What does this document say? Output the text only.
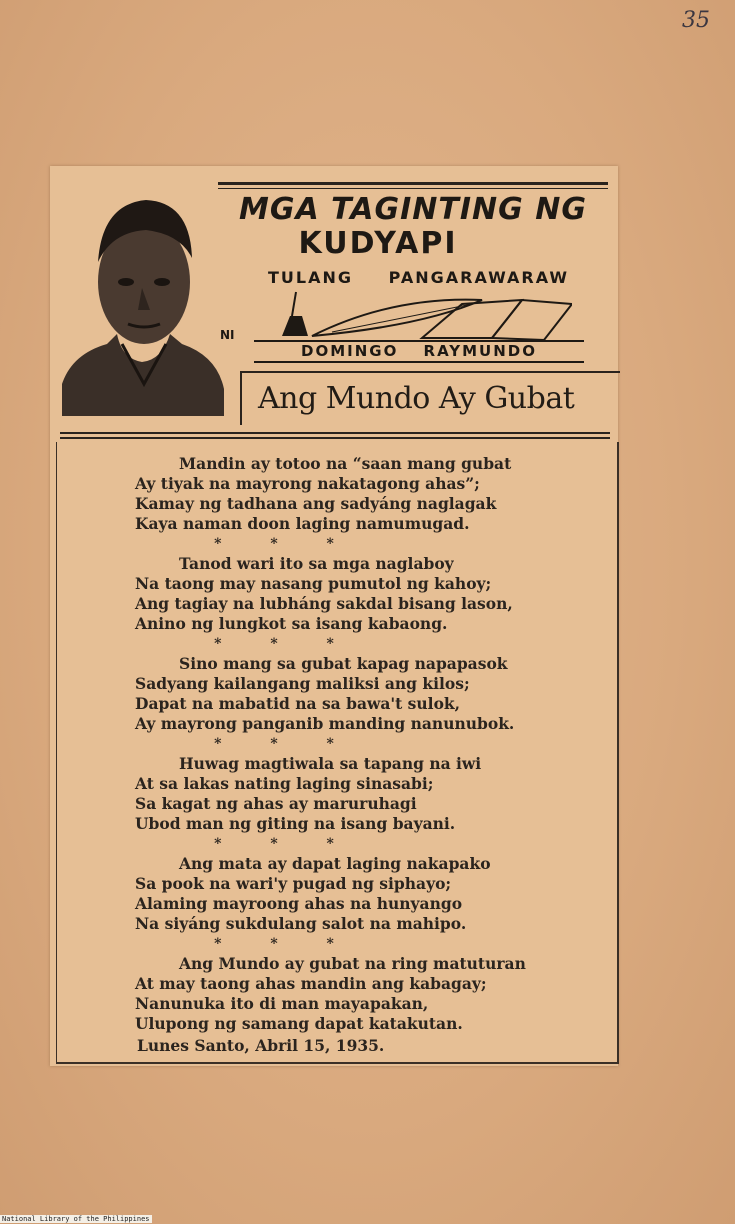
35
MGA TAGINTING NG
KUDYAPI
TULANG PANGARAWARAW
NI
DOMINGO RAYMUNDO
Ang Mundo Ay Gubat
Mandin ay totoo na “saan mang gubat
Ay tiyak na mayrong nakatagong ahas”;
Kamay ng tadhana ang sadyáng naglagak
Kaya naman doon laging namumugad.
* * *
Tanod wari ito sa mga naglaboy
Na taong may nasang pumutol ng kahoy;
Ang tagiay na lubháng sakdal bisang lason,
Anino ng lungkot sa isang kabaong.
* * *
Sino mang sa gubat kapag napapasok
Sadyang kailangang maliksi ang kilos;
Dapat na mabatid na sa bawa't sulok,
Ay mayrong panganib manding nanunubok.
* * *
Huwag magtiwala sa tapang na iwi
At sa lakas nating laging sinasabi;
Sa kagat ng ahas ay maruruhagi
Ubod man ng giting na isang bayani.
* * *
Ang mata ay dapat laging nakapako
Sa pook na wari'y pugad ng siphayo;
Alaming mayroong ahas na hunyango
Na siyáng sukdulang salot na mahipo.
* * *
Ang Mundo ay gubat na ring matuturan
At may taong ahas mandin ang kabagay;
Nanunuka ito di man mayapakan,
Ulupong ng samang dapat katakutan.
Lunes Santo, Abril 15, 1935.
National Library of the Philippines
